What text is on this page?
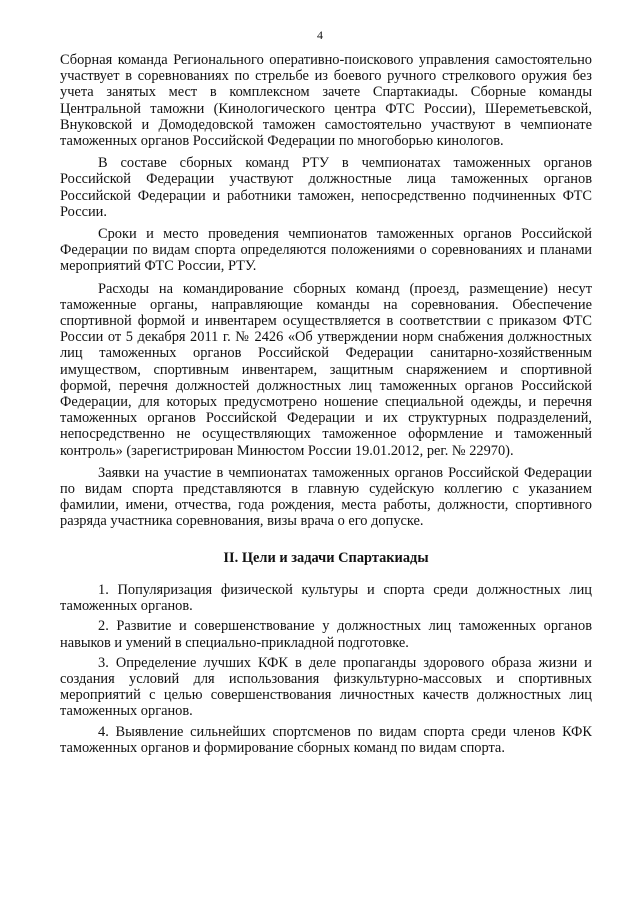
4

Сборная команда Регионального оперативно-поискового управления самостоятельно участвует в соревнованиях по стрельбе из боевого ручного стрелкового оружия без учета занятых мест в комплексном зачете Спартакиады. Сборные команды Центральной таможни (Кинологического центра ФТС России), Шереметьевской, Внуковской и Домодедовской таможен самостоятельно участвуют в чемпионате таможенных органов Российской Федерации по многоборью кинологов.

В составе сборных команд РТУ в чемпионатах таможенных органов Российской Федерации участвуют должностные лица таможенных органов Российской Федерации и работники таможен, непосредственно подчиненных ФТС России.

Сроки и место проведения чемпионатов таможенных органов Российской Федерации по видам спорта определяются положениями о соревнованиях и планами мероприятий ФТС России, РТУ.

Расходы на командирование сборных команд (проезд, размещение) несут таможенные органы, направляющие команды на соревнования. Обеспечение спортивной формой и инвентарем осуществляется в соответствии с приказом ФТС России от 5 декабря 2011 г. № 2426 «Об утверждении норм снабжения должностных лиц таможенных органов Российской Федерации санитарно-хозяйственным имуществом, спортивным инвентарем, защитным снаряжением и спортивной формой, перечня должностей должностных лиц таможенных органов Российской Федерации, для которых предусмотрено ношение специальной одежды, и перечня таможенных органов Российской Федерации и их структурных подразделений, непосредственно не осуществляющих таможенное оформление и таможенный контроль» (зарегистрирован Минюстом России 19.01.2012, рег. № 22970).

Заявки на участие в чемпионатах таможенных органов Российской Федерации по видам спорта представляются в главную судейскую коллегию с указанием фамилии, имени, отчества, года рождения, места работы, должности, спортивного разряда участника соревнования, визы врача о его допуске.

II. Цели и задачи Спартакиады
1. Популяризация физической культуры и спорта среди должностных лиц таможенных органов.
2. Развитие и совершенствование у должностных лиц таможенных органов навыков и умений в специально-прикладной подготовке.
3. Определение лучших КФК в деле пропаганды здорового образа жизни и создания условий для использования физкультурно-массовых и спортивных мероприятий с целью совершенствования личностных качеств должностных лиц таможенных органов.
4. Выявление сильнейших спортсменов по видам спорта среди членов КФК таможенных органов и формирование сборных команд по видам спорта.
